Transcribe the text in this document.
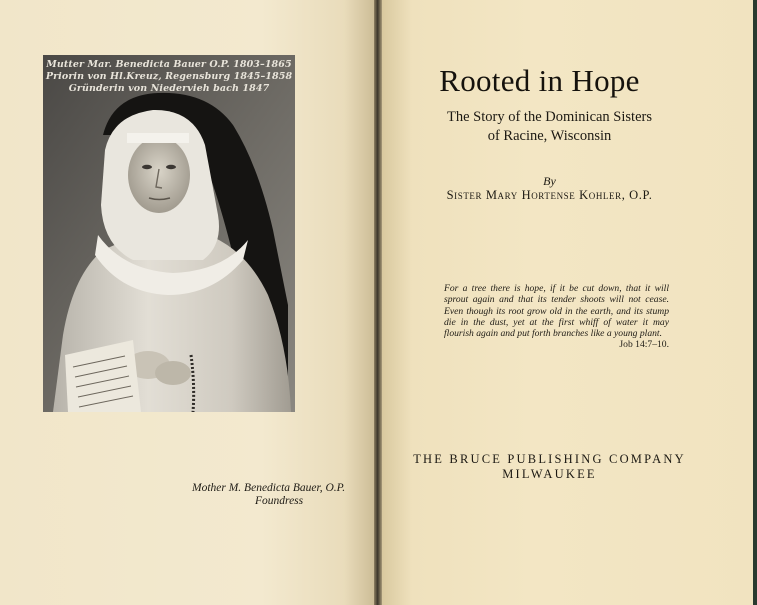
Mutter Mar. Benedicta Bauer O.P. 1803–1865
Priorin von Hl.Kreuz, Regensburg 1845–1858
Gründerin von Niedervieh bach 1847
Mother M. Benedicta Bauer, O.P.
Foundress
Rooted in Hope
The Story of the Dominican Sisters
of Racine, Wisconsin
By
Sister Mary Hortense Kohler, O.P.
For a tree there is hope, if it be cut down, that it will sprout again and that its tender shoots will not cease. Even though its root grow old in the earth, and its stump die in the dust, yet at the first whiff of water it may flourish again and put forth branches like a young plant.
Job 14:7–10.
THE BRUCE PUBLISHING COMPANY
MILWAUKEE
